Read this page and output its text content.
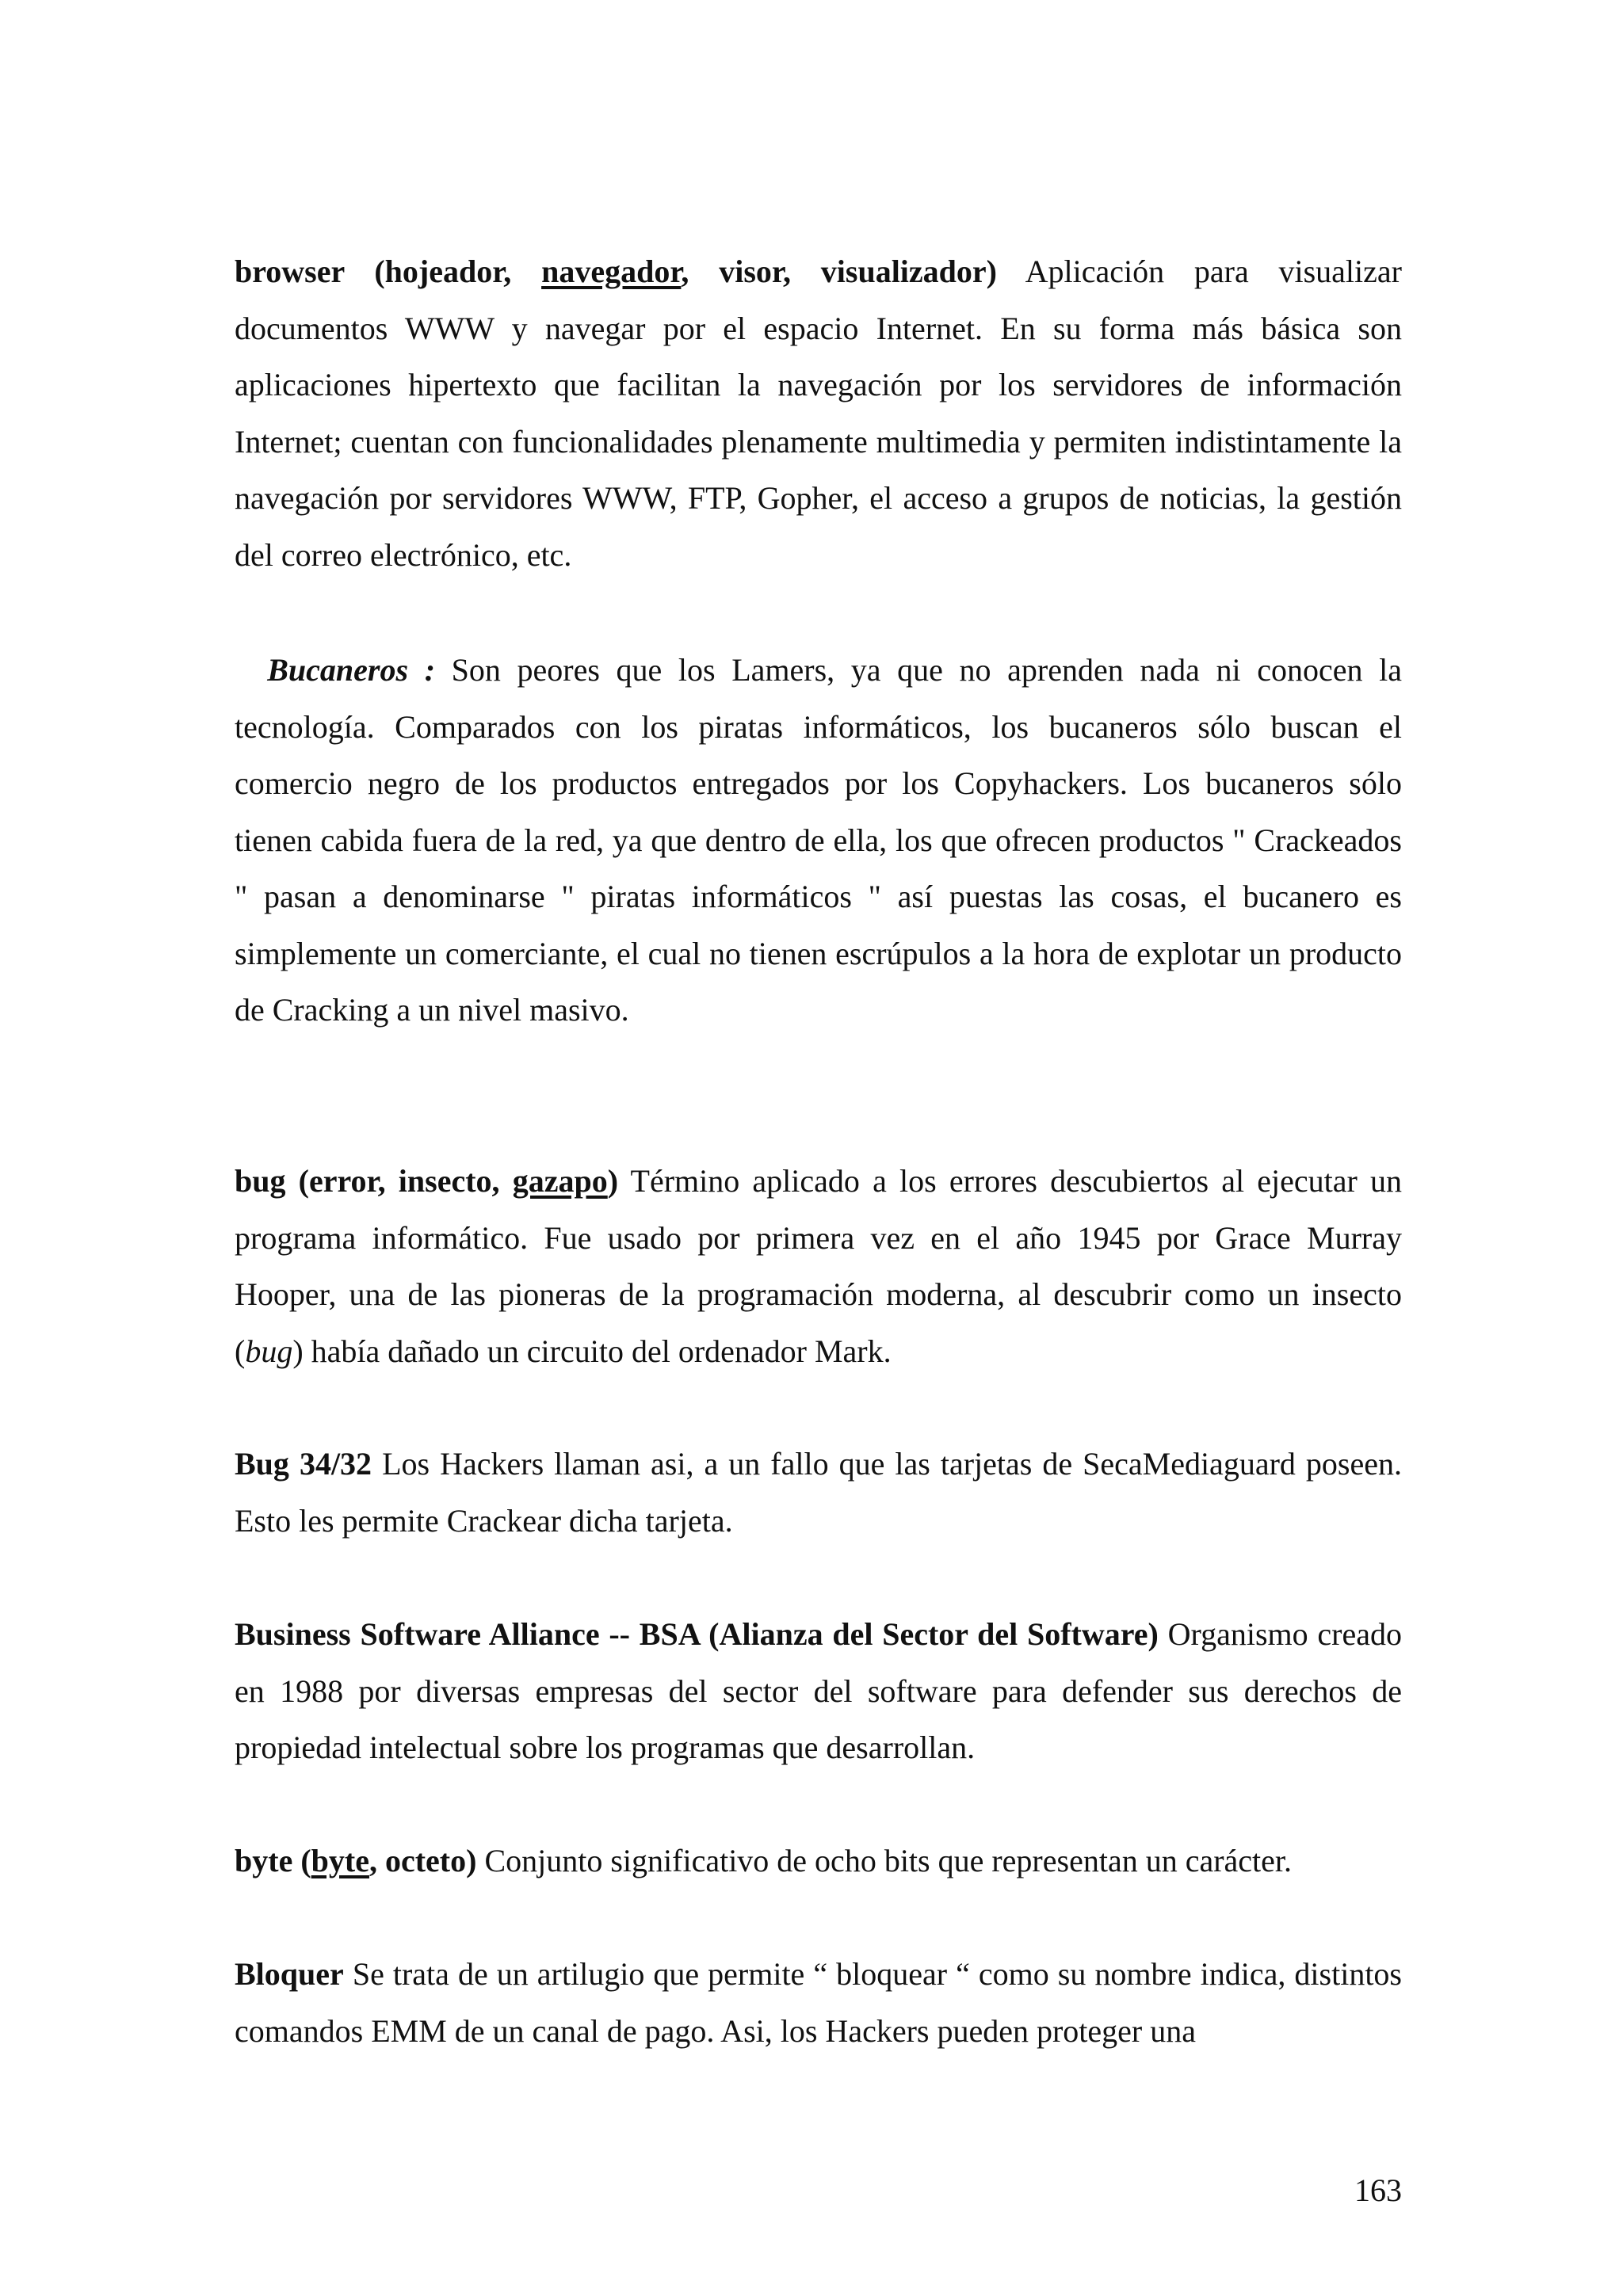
browser (hojeador, navegador, visor, visualizador) Aplicación para visualizar documentos WWW y navegar por el espacio Internet. En su forma más básica son aplicaciones hipertexto que facilitan la navegación por los servidores de información Internet; cuentan con funcionalidades plenamente multimedia y permiten indistintamente la navegación por servidores WWW, FTP, Gopher, el acceso a grupos de noticias, la gestión del correo electrónico, etc.

Bucaneros : Son peores que los Lamers, ya que no aprenden nada ni conocen la tecnología. Comparados con los piratas informáticos, los bucaneros sólo buscan el comercio negro de los productos entregados por los Copyhackers. Los bucaneros sólo tienen cabida fuera de la red, ya que dentro de ella, los que ofrecen productos " Crackeados " pasan a denominarse " piratas informáticos " así puestas las cosas, el bucanero es simplemente un comerciante, el cual no tienen escrúpulos a la hora de explotar un producto de Cracking a un nivel masivo.

bug (error, insecto, gazapo) Término aplicado a los errores descubiertos al ejecutar un programa informático. Fue usado por primera vez en el año 1945 por Grace Murray Hooper, una de las pioneras de la programación moderna, al descubrir como un insecto (bug) había dañado un circuito del ordenador Mark.

Bug 34/32 Los Hackers llaman asi, a un fallo que las tarjetas de SecaMediaguard poseen. Esto les permite Crackear dicha tarjeta.

Business Software Alliance -- BSA (Alianza del Sector del Software) Organismo creado en 1988 por diversas empresas del sector del software para defender sus derechos de propiedad intelectual sobre los programas que desarrollan.

byte (byte, octeto) Conjunto significativo de ocho bits que representan un carácter.

Bloquer Se trata de un artilugio que permite “ bloquear “ como su nombre indica, distintos comandos EMM de un canal de pago. Asi, los Hackers pueden proteger una

163
